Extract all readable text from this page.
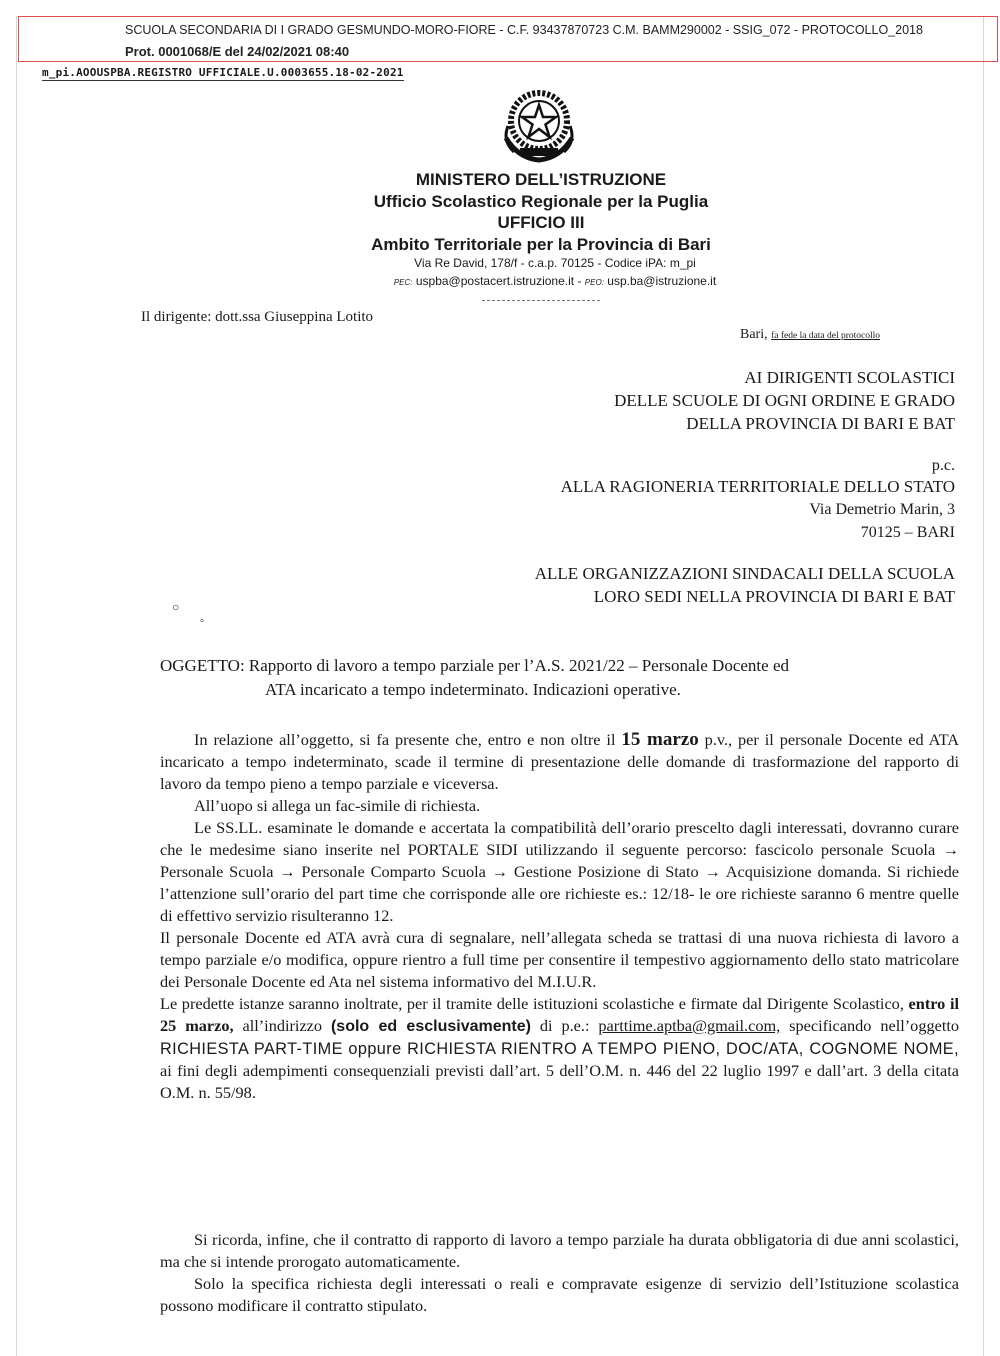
SCUOLA SECONDARIA DI I GRADO GESMUNDO-MORO-FIORE - C.F. 93437870723 C.M. BAMM290002 - SSIG_072 - PROTOCOLLO_2018
Prot. 0001068/E del 24/02/2021 08:40
m_pi.AOOUSPBA.REGISTRO UFFICIALE.U.0003655.18-02-2021
MINISTERO DELL’ISTRUZIONE
Ufficio Scolastico Regionale per la Puglia
UFFICIO III
Ambito Territoriale per la Provincia di Bari
Via Re David, 178/f - c.a.p. 70125 - Codice iPA: m_pi
PEC: uspba@postacert.istruzione.it - PEO: usp.ba@istruzione.it
Il dirigente: dott.ssa Giuseppina Lotito
Bari, fa fede la data del protocollo
AI DIRIGENTI SCOLASTICI
DELLE SCUOLE DI OGNI ORDINE E GRADO
DELLA PROVINCIA DI BARI E BAT
p.c.
ALLA RAGIONERIA TERRITORIALE DELLO STATO
Via Demetrio Marin, 3
70125 – BARI
ALLE ORGANIZZAZIONI SINDACALI DELLA SCUOLA
LORO SEDI NELLA PROVINCIA DI BARI E BAT
○
°
OGGETTO: Rapporto di lavoro a tempo parziale per l’A.S. 2021/22 – Personale Docente ed
ATA incaricato a tempo indeterminato. Indicazioni operative.

In relazione all’oggetto, si fa presente che, entro e non oltre il 15 marzo p.v., per il personale Docente ed ATA incaricato a tempo indeterminato, scade il termine di presentazione delle domande di trasformazione del rapporto di lavoro da tempo pieno a tempo parziale e viceversa.

All’uopo si allega un fac-simile di richiesta.

Le SS.LL. esaminate le domande e accertata la compatibilità dell’orario prescelto dagli interessati, dovranno curare che le medesime siano inserite nel PORTALE SIDI utilizzando il seguente percorso: fascicolo personale Scuola → Personale Scuola → Personale Comparto Scuola → Gestione Posizione di Stato → Acquisizione domanda. Si richiede l’attenzione sull’orario del part time che corrisponde alle ore richieste es.: 12/18- le ore richieste saranno 6 mentre quelle di effettivo servizio risulteranno 12.

Il personale Docente ed ATA avrà cura di segnalare, nell’allegata scheda se trattasi di una nuova richiesta di lavoro a tempo parziale e/o modifica, oppure rientro a full time per consentire il tempestivo aggiornamento dello stato matricolare dei Personale Docente ed Ata nel sistema informativo del M.I.U.R.

Le predette istanze saranno inoltrate, per il tramite delle istituzioni scolastiche e firmate dal Dirigente Scolastico, entro il 25 marzo, all’indirizzo (solo ed esclusivamente) di p.e.: parttime.aptba@gmail.com, specificando nell’oggetto RICHIESTA PART-TIME oppure RICHIESTA RIENTRO A TEMPO PIENO, DOC/ATA, COGNOME NOME, ai fini degli adempimenti consequenziali previsti dall’art. 5 dell’O.M. n. 446 del 22 luglio 1997 e dall’art. 3 della citata O.M. n. 55/98.

Si ricorda, infine, che il contratto di rapporto di lavoro a tempo parziale ha durata obbligatoria di due anni scolastici, ma che si intende prorogato automaticamente.

Solo la specifica richiesta degli interessati o reali e compravate esigenze di servizio dell’Istituzione scolastica possono modificare il contratto stipulato.
